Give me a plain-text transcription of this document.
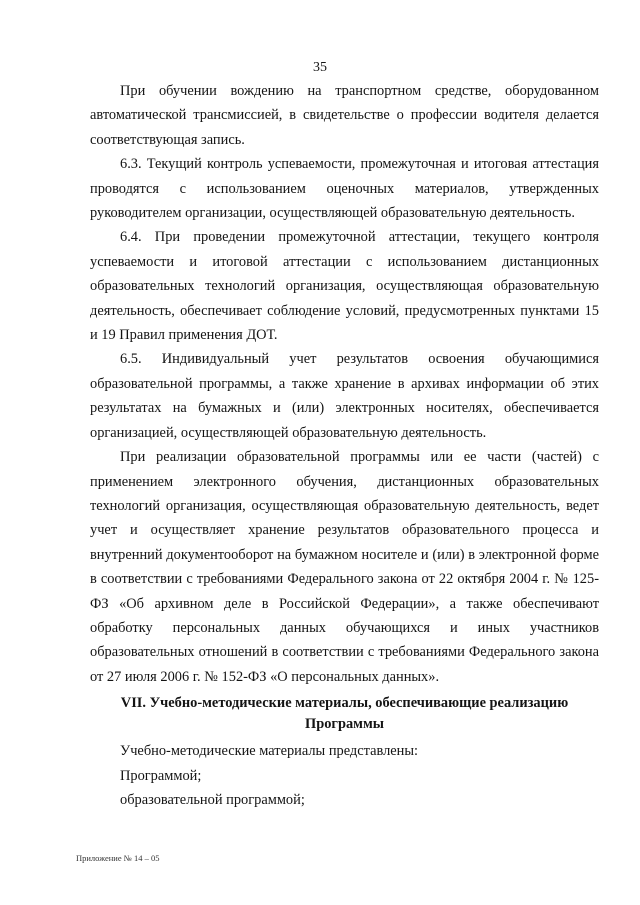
35

При обучении вождению на транспортном средстве, оборудованном автоматической трансмиссией, в свидетельстве о профессии водителя делается соответствующая запись.

6.3. Текущий контроль успеваемости, промежуточная и итоговая аттестация проводятся с использованием оценочных материалов, утвержденных руководителем организации, осуществляющей образовательную деятельность.

6.4. При проведении промежуточной аттестации, текущего контроля успеваемости и итоговой аттестации с использованием дистанционных образовательных технологий организация, осуществляющая образовательную деятельность, обеспечивает соблюдение условий, предусмотренных пунктами 15 и 19 Правил применения ДОТ.

6.5. Индивидуальный учет результатов освоения обучающимися образовательной программы, а также хранение в архивах информации об этих результатах на бумажных и (или) электронных носителях, обеспечивается организацией, осуществляющей образовательную деятельность.

При реализации образовательной программы или ее части (частей) с применением электронного обучения, дистанционных образовательных технологий организация, осуществляющая образовательную деятельность, ведет учет и осуществляет хранение результатов образовательного процесса и внутренний документооборот на бумажном носителе и (или) в электронной форме в соответствии с требованиями Федерального закона от 22 октября 2004 г. № 125-ФЗ «Об архивном деле в Российской Федерации», а также обеспечивают обработку персональных данных обучающихся и иных участников образовательных отношений в соответствии с требованиями Федерального закона от 27 июля 2006 г. № 152-ФЗ «О персональных данных».

VII. Учебно-методические материалы, обеспечивающие реализацию
Программы

Учебно-методические материалы представлены:

Программой;

образовательной программой;

Приложение № 14 – 05
